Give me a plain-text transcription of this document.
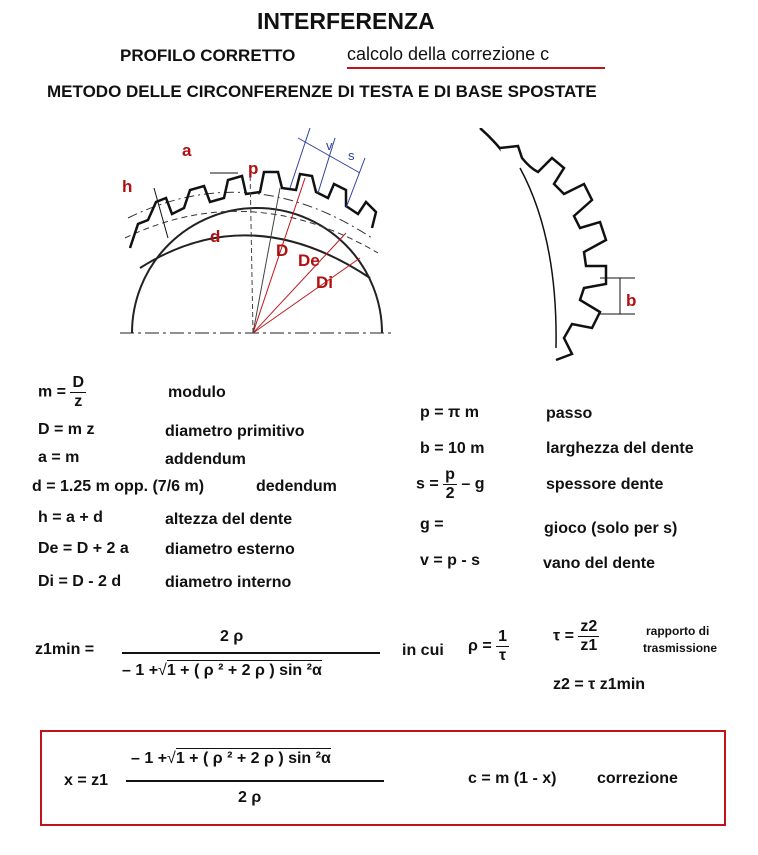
INTERFERENZA
PROFILO CORRETTO	calcolo della correzione c
METODO DELLE CIRCONFERENZE DI TESTA E DI BASE SPOSTATE
a
h
p
d
D
De
Di
v
s
b
$m = \frac{D}{z}$	modulo
D = m z	diametro primitivo
a = m	addendum
d = 1.25 m opp. (7/6 m)	dedendum
h = a + d	altezza del dente
De = D + 2 a diametro esterno
Di = D - 2 d	diametro interno
p = π m	passo
b = 10 m	larghezza del dente
$s = \frac{p}{2} - g$	spessore dente
g =	gioco (solo per s)
v = p - s	vano del dente
z1min =
2 ρ
– 1 +√1 + ( ρ ² + 2 ρ ) sin ²α
in cui $\rho = \frac{1}{\tau}$	$\tau = \frac{z2}{z1}$	rapporto di
trasmissione
z2 = τ z1min
x = z1
– 1 +√1 + ( ρ ² + 2 ρ ) sin ²α
2 ρ
c = m (1 - x)	correzione
